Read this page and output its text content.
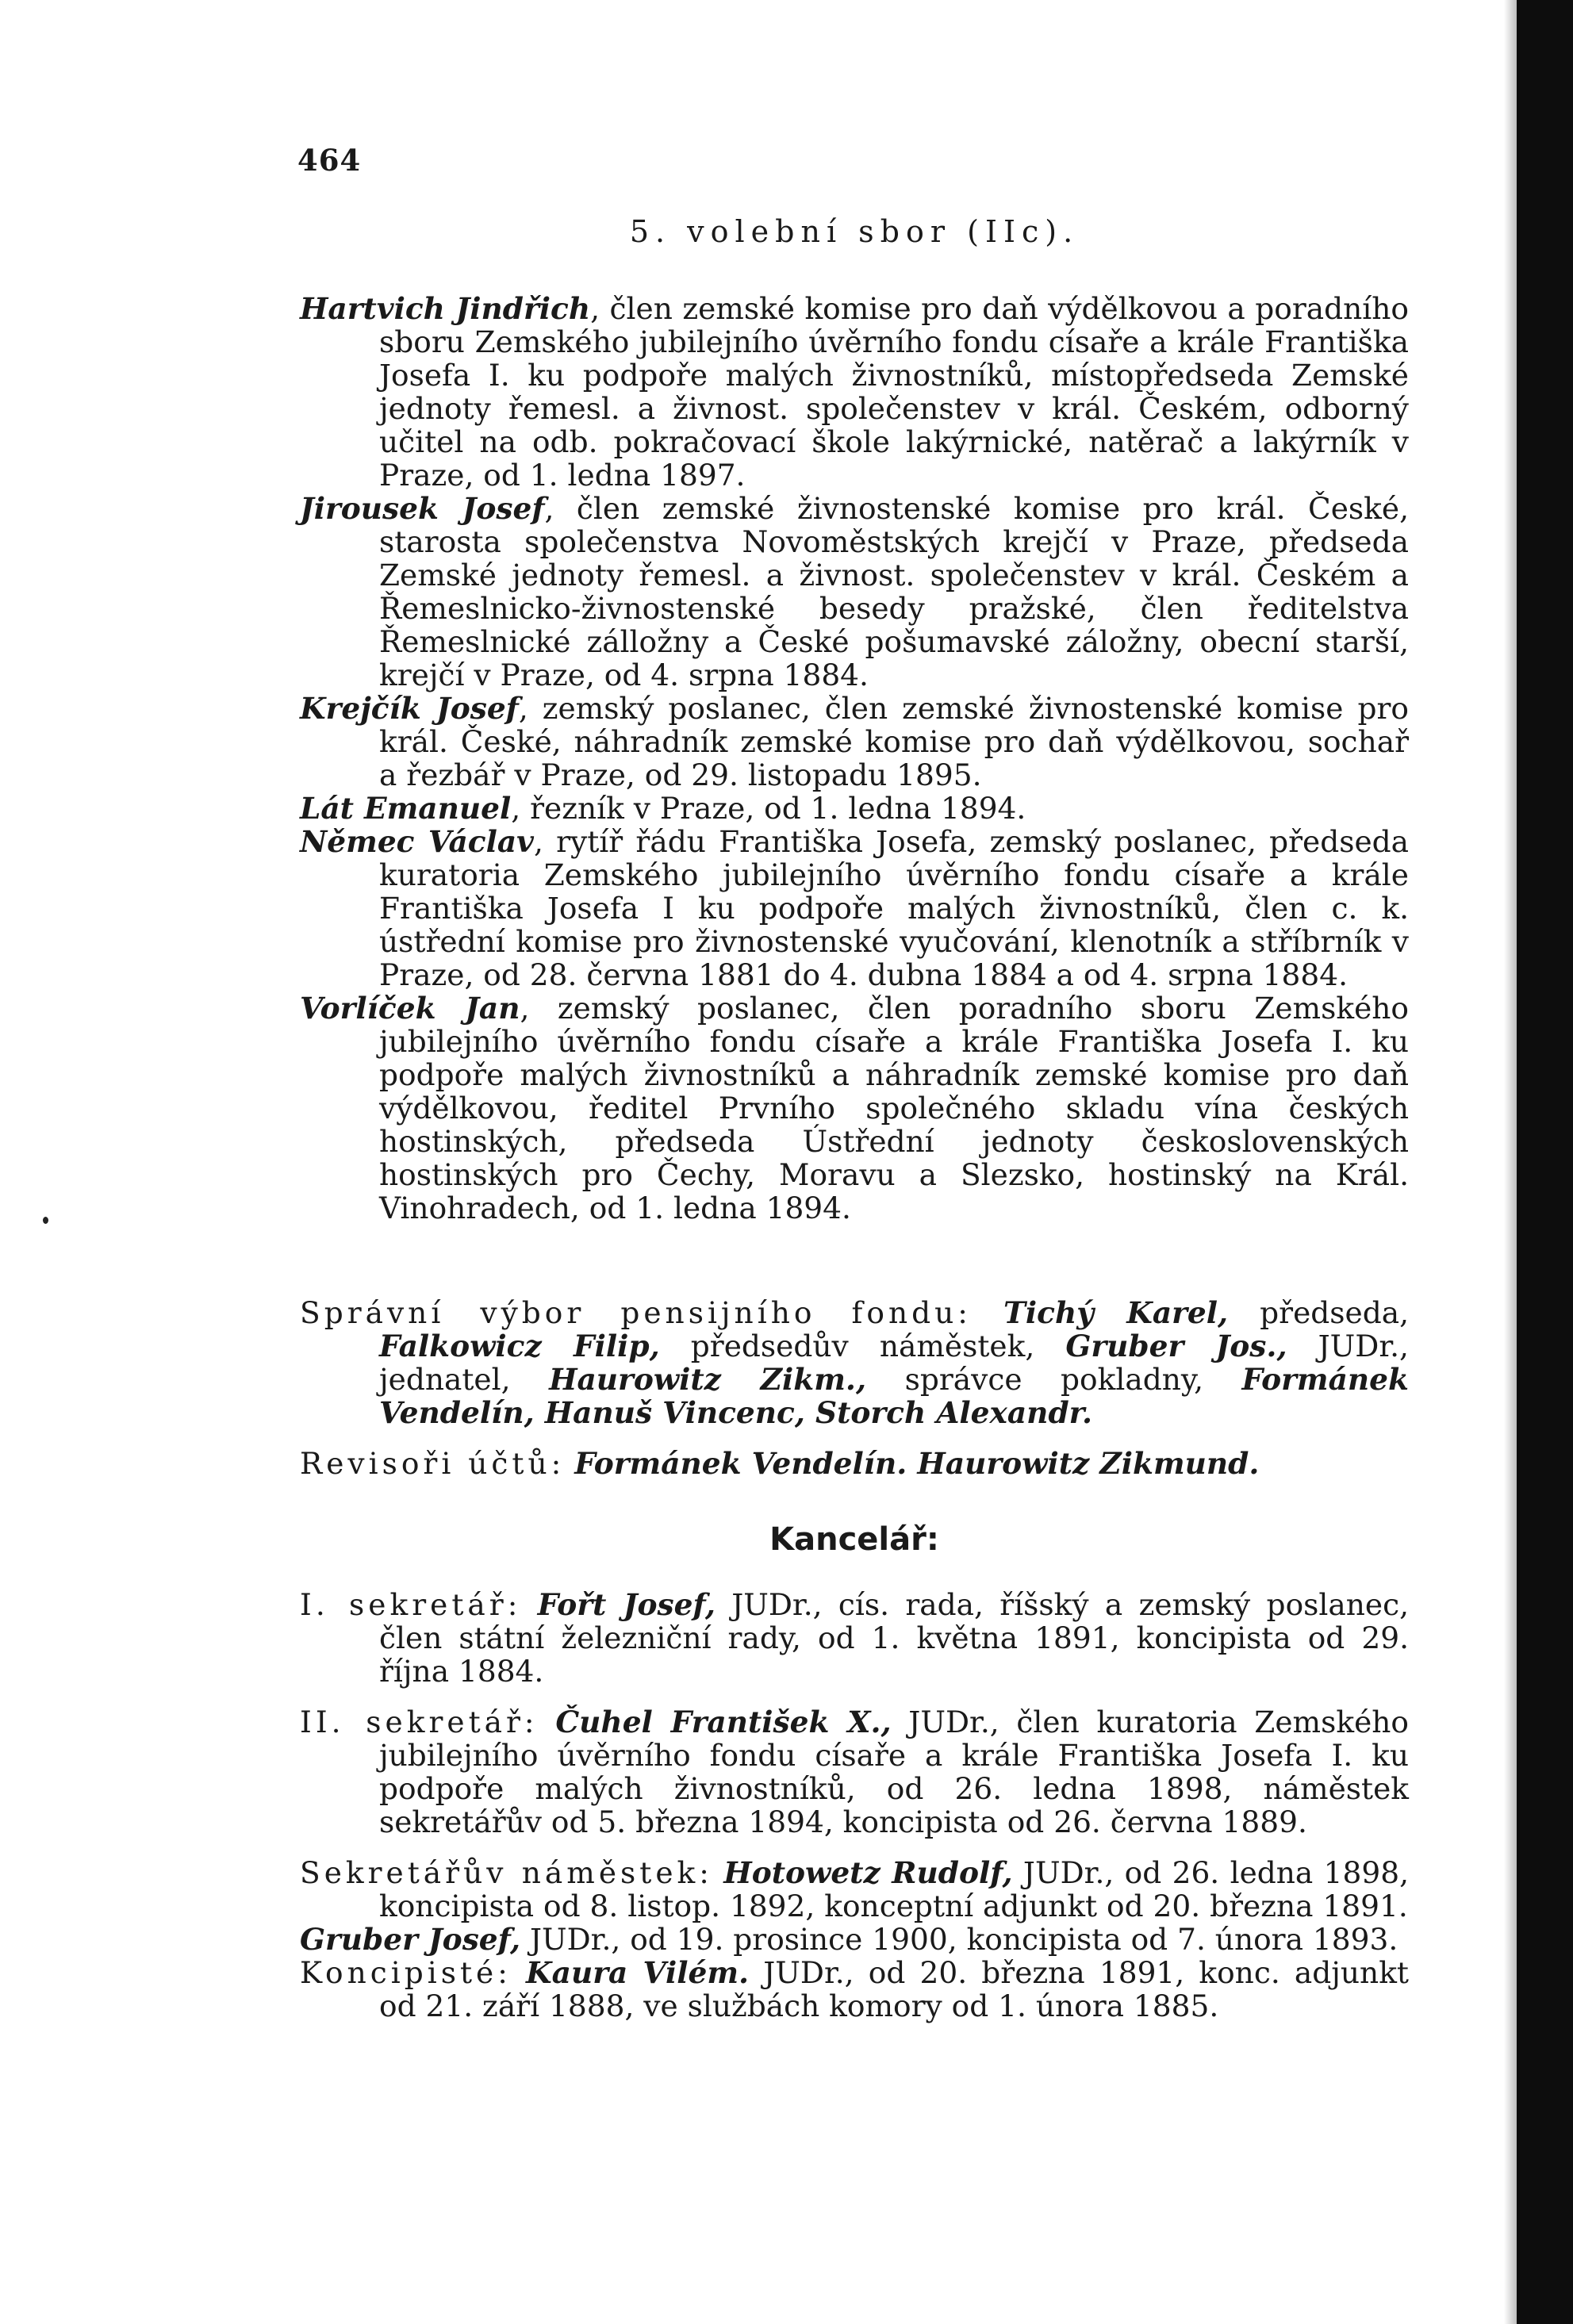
464
5. volební sbor (IIc).

Hartvich Jindřich, člen zemské komise pro daň výdělkovou a poradního sboru Zemského jubilejního úvěrního fondu císaře a krále Františka Josefa I. ku podpoře malých živnostníků, místopředseda Zemské jednoty řemesl. a živnost. společenstev v král. Českém, odborný učitel na odb. pokračovací škole lakýrnické, natěrač a lakýrník v Praze, od 1. ledna 1897.

Jirousek Josef, člen zemské živnostenské komise pro král. České, starosta společenstva Novoměstských krejčí v Praze, předseda Zemské jednoty řemesl. a živnost. společenstev v král. Českém a Řemeslnicko-živnostenské besedy pražské, člen ředitelstva Řemeslnické zálložny a České pošumavské záložny, obecní starší, krejčí v Praze, od 4. srpna 1884.

Krejčík Josef, zemský poslanec, člen zemské živnostenské komise pro král. České, náhradník zemské komise pro daň výdělkovou, sochař a řezbář v Praze, od 29. listopadu 1895.

Lát Emanuel, řezník v Praze, od 1. ledna 1894.

Němec Václav, rytíř řádu Františka Josefa, zemský poslanec, předseda kuratoria Zemského jubilejního úvěrního fondu císaře a krále Františka Josefa I ku podpoře malých živnostníků, člen c. k. ústřední komise pro živnostenské vyučování, klenotník a stříbrník v Praze, od 28. června 1881 do 4. dubna 1884 a od 4. srpna 1884.

Vorlíček Jan, zemský poslanec, člen poradního sboru Zemského jubilejního úvěrního fondu císaře a krále Františka Josefa I. ku podpoře malých živnostníků a náhradník zemské komise pro daň výdělkovou, ředitel Prvního společného skladu vína českých hostinských, předseda Ústřední jednoty československých hostinských pro Čechy, Moravu a Slezsko, hostinský na Král. Vinohradech, od 1. ledna 1894.

Správní výbor pensijního fondu: Tichý Karel, předseda, Falkowicz Filip, předsedův náměstek, Gruber Jos., JUDr., jednatel, Haurowitz Zikm., správce pokladny, Formánek Vendelín, Hanuš Vincenc, Storch Alexandr.

Revisoři účtů: Formánek Vendelín. Haurowitz Zikmund.

Kancelář:

I. sekretář: Fořt Josef, JUDr., cís. rada, říšský a zemský poslanec, člen státní železniční rady, od 1. května 1891, koncipista od 29. října 1884.

II. sekretář: Čuhel František X., JUDr., člen kuratoria Zemského jubilejního úvěrního fondu císaře a krále Františka Josefa I. ku podpoře malých živnostníků, od 26. ledna 1898, náměstek sekretářův od 5. března 1894, koncipista od 26. června 1889.

Sekretářův náměstek: Hotowetz Rudolf, JUDr., od 26. ledna 1898, koncipista od 8. listop. 1892, konceptní adjunkt od 20. března 1891.

Gruber Josef, JUDr., od 19. prosince 1900, koncipista od 7. února 1893.

Koncipisté: Kaura Vilém. JUDr., od 20. března 1891, konc. adjunkt od 21. září 1888, ve službách komory od 1. února 1885.
